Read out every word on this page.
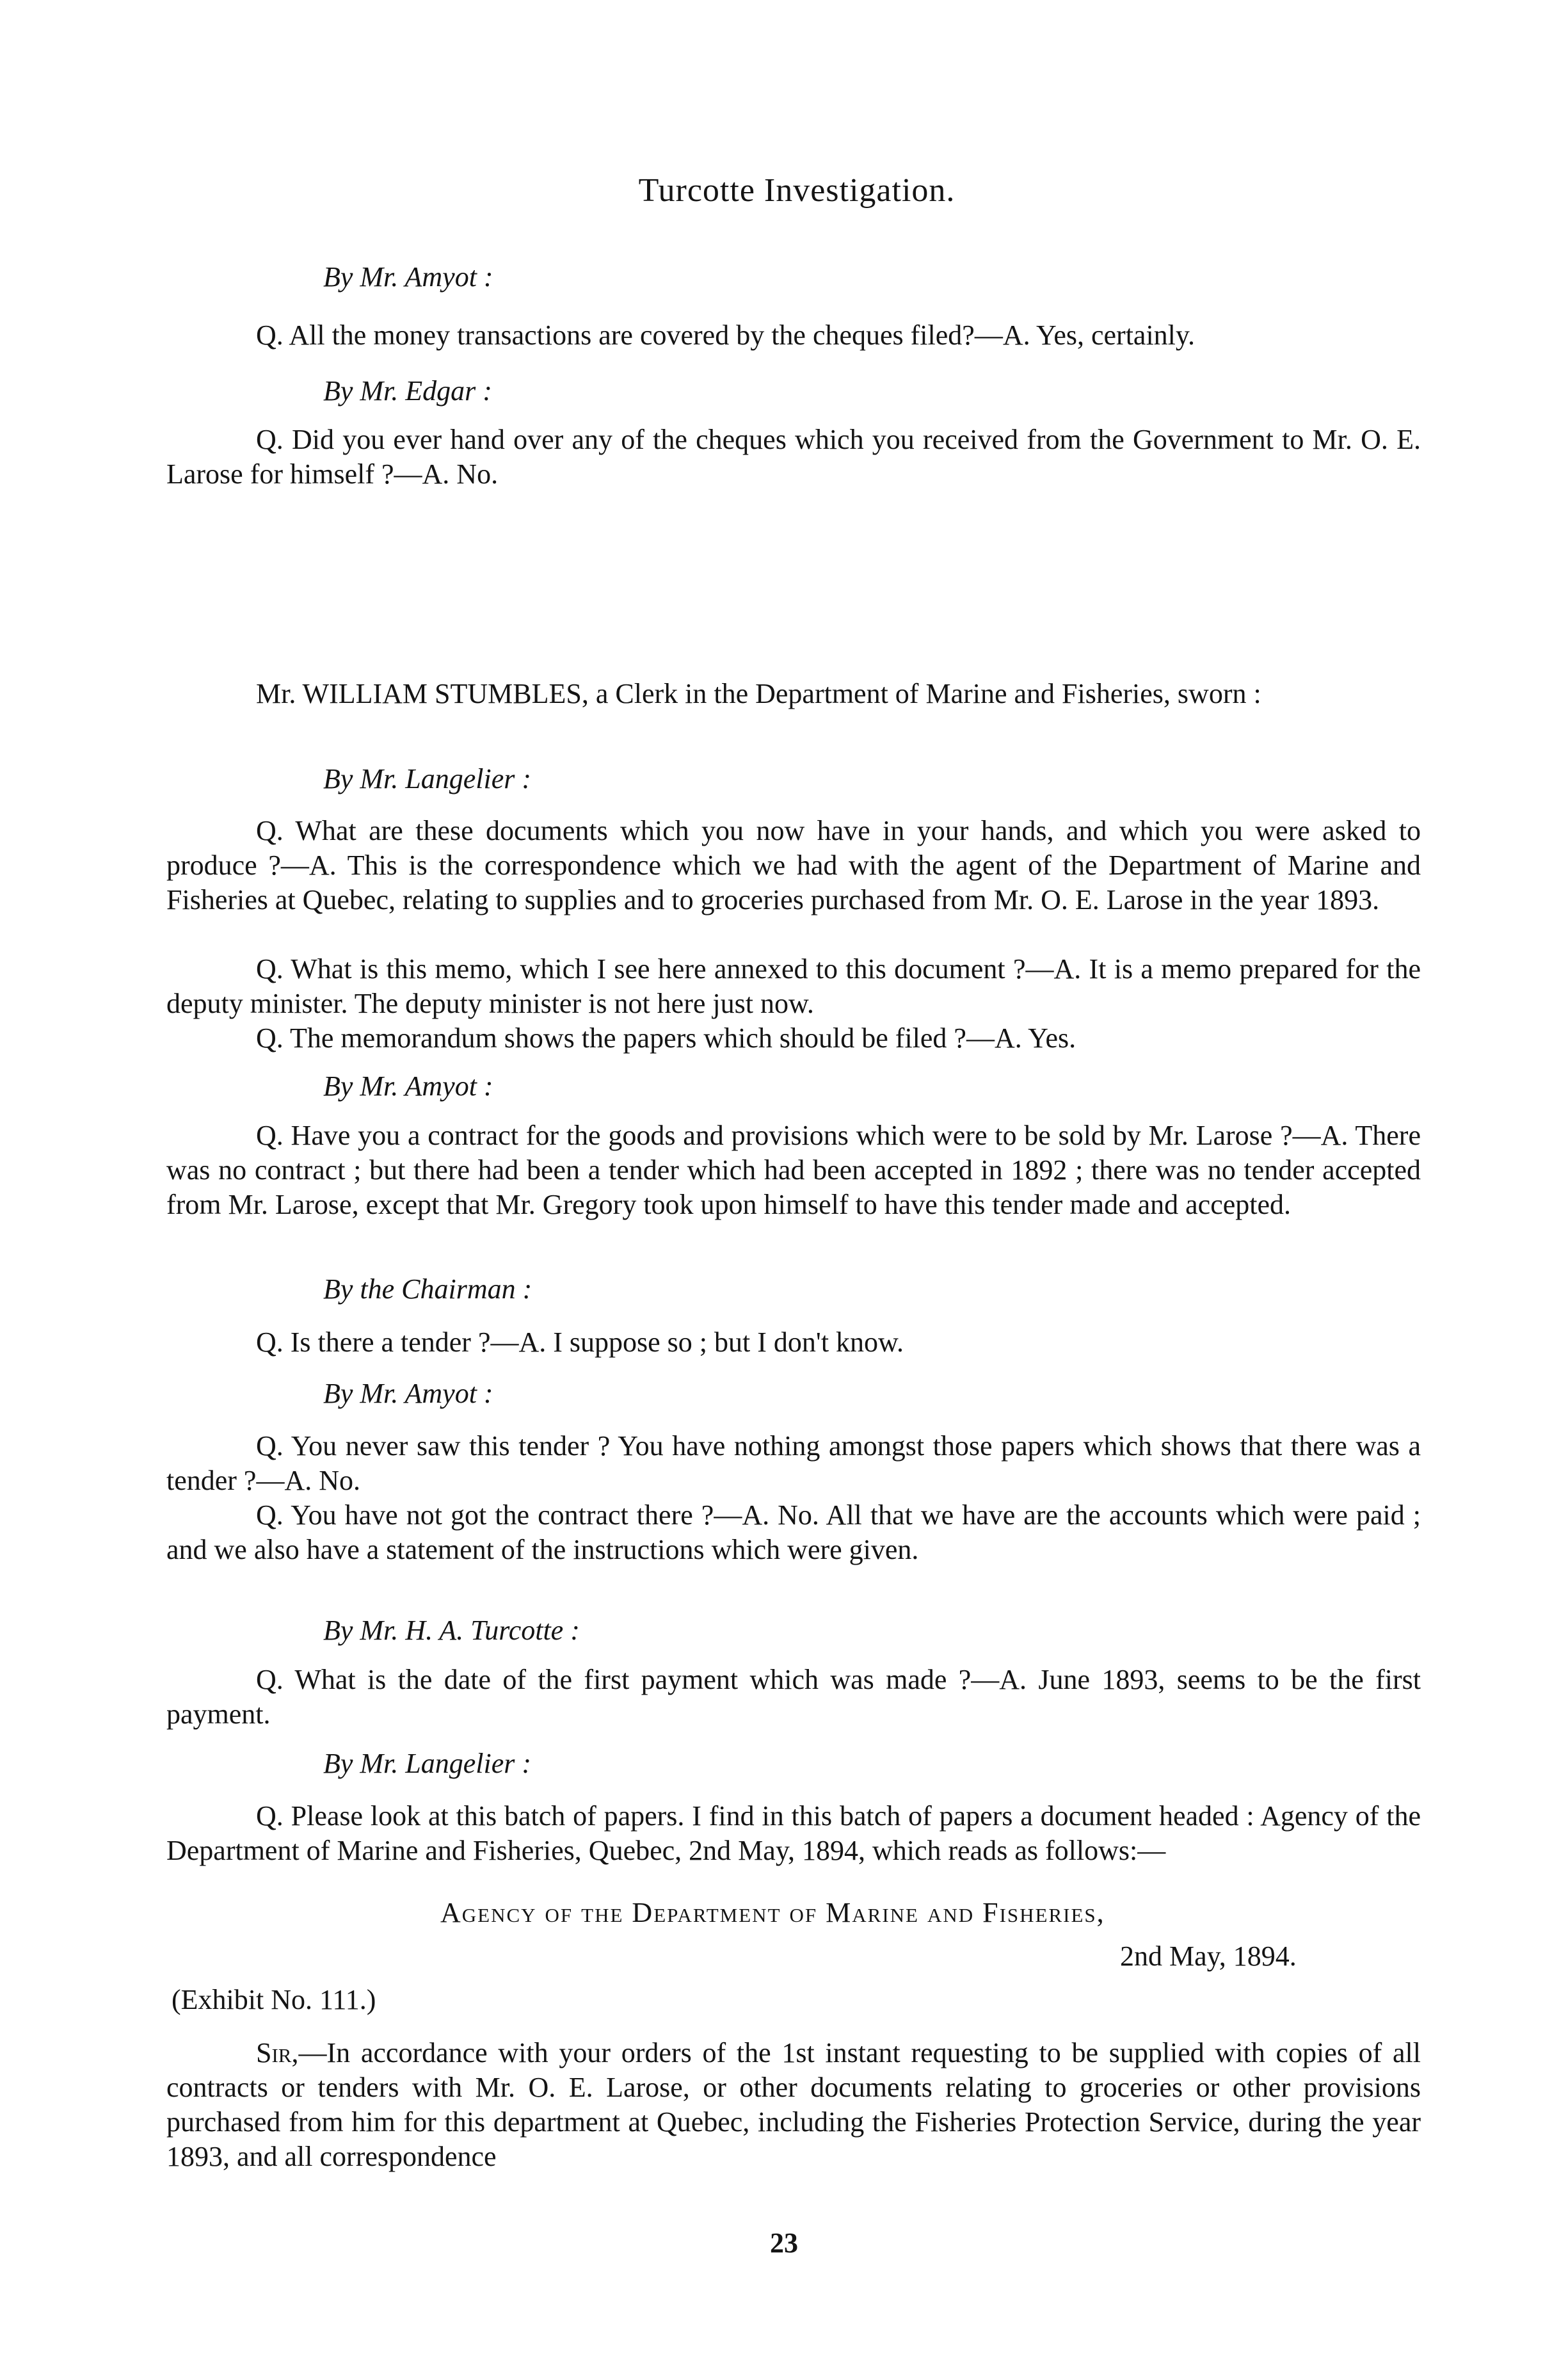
Turcotte Investigation.
By Mr. Amyot :

Q. All the money transactions are covered by the cheques filed?—A. Yes, certainly.

By Mr. Edgar :

Q. Did you ever hand over any of the cheques which you received from the Government to Mr. O. E. Larose for himself ?—A. No.

Mr. WILLIAM STUMBLES, a Clerk in the Department of Marine and Fisheries, sworn :

By Mr. Langelier :

Q. What are these documents which you now have in your hands, and which you were asked to produce ?—A. This is the correspondence which we had with the agent of the Department of Marine and Fisheries at Quebec, relating to supplies and to groceries purchased from Mr. O. E. Larose in the year 1893.

Q. What is this memo, which I see here annexed to this document ?—A. It is a memo prepared for the deputy minister. The deputy minister is not here just now.

Q. The memorandum shows the papers which should be filed ?—A. Yes.

By Mr. Amyot :

Q. Have you a contract for the goods and provisions which were to be sold by Mr. Larose ?—A. There was no contract ; but there had been a tender which had been accepted in 1892 ; there was no tender accepted from Mr. Larose, except that Mr. Gregory took upon himself to have this tender made and accepted.

By the Chairman :

Q. Is there a tender ?—A. I suppose so ; but I don't know.

By Mr. Amyot :

Q. You never saw this tender ? You have nothing amongst those papers which shows that there was a tender ?—A. No.

Q. You have not got the contract there ?—A. No. All that we have are the accounts which were paid ; and we also have a statement of the instructions which were given.

By Mr. H. A. Turcotte :

Q. What is the date of the first payment which was made ?—A. June 1893, seems to be the first payment.

By Mr. Langelier :

Q. Please look at this batch of papers. I find in this batch of papers a document headed : Agency of the Department of Marine and Fisheries, Quebec, 2nd May, 1894, which reads as follows:—

Agency of the Department of Marine and Fisheries,
2nd May, 1894.
(Exhibit No. 111.)

Sir,—In accordance with your orders of the 1st instant requesting to be supplied with copies of all contracts or tenders with Mr. O. E. Larose, or other documents relating to groceries or other provisions purchased from him for this department at Quebec, including the Fisheries Protection Service, during the year 1893, and all correspondence

23
